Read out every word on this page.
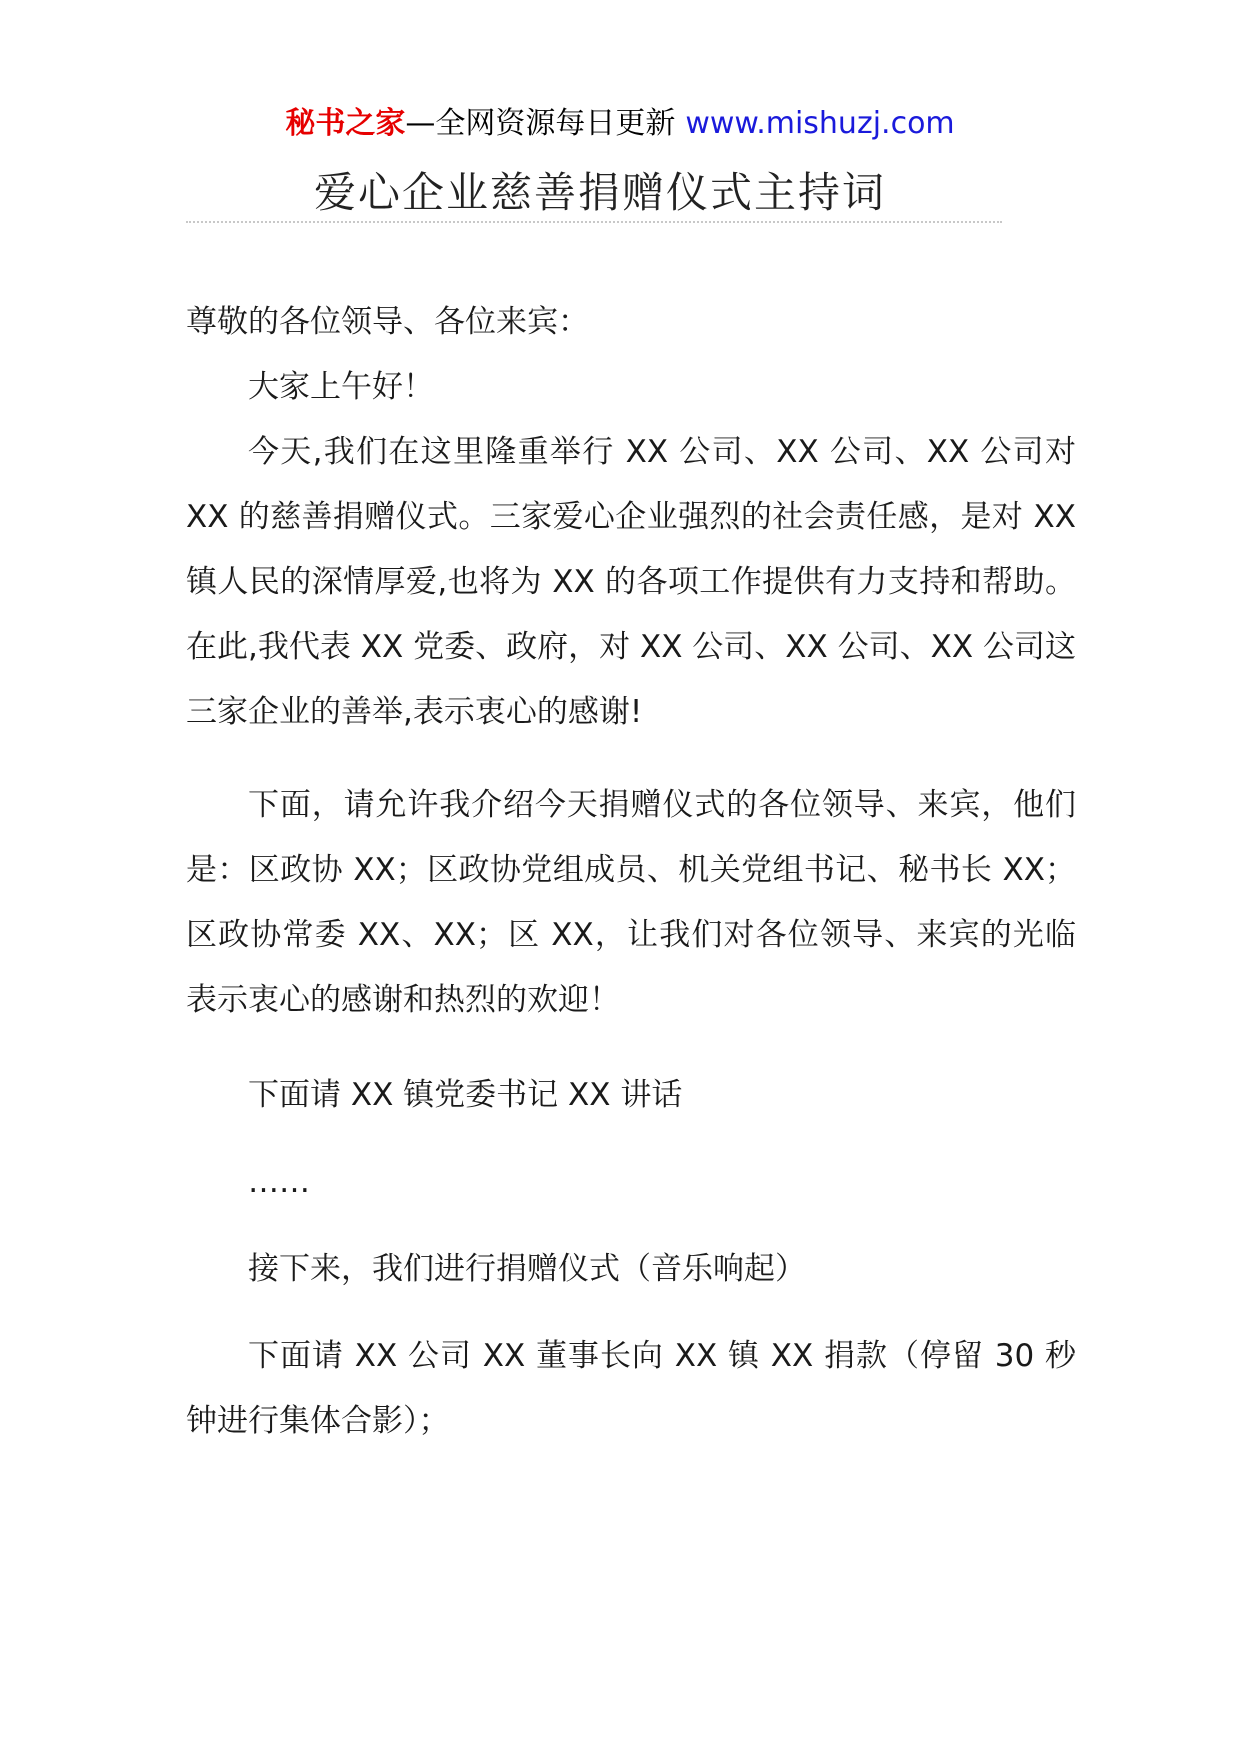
秘书之家—全网资源每日更新 www.mishuzj.com
爱心企业慈善捐赠仪式主持词

尊敬的各位领导、各位来宾：

大家上午好！

今天,我们在这里隆重举行 XX 公司、XX 公司、XX 公司对 XX 的慈善捐赠仪式。三家爱心企业强烈的社会责任感，是对 XX 镇人民的深情厚爱,也将为 XX 的各项工作提供有力支持和帮助。在此,我代表 XX 党委、政府，对 XX 公司、XX 公司、XX 公司这三家企业的善举,表示衷心的感谢!

下面，请允许我介绍今天捐赠仪式的各位领导、来宾，他们是：区政协 XX；区政协党组成员、机关党组书记、秘书长 XX；区政协常委 XX、XX；区 XX，让我们对各位领导、来宾的光临表示衷心的感谢和热烈的欢迎！

下面请 XX 镇党委书记 XX 讲话

……

接下来，我们进行捐赠仪式（音乐响起）

下面请 XX 公司 XX 董事长向 XX 镇 XX 捐款（停留 30 秒钟进行集体合影）；
